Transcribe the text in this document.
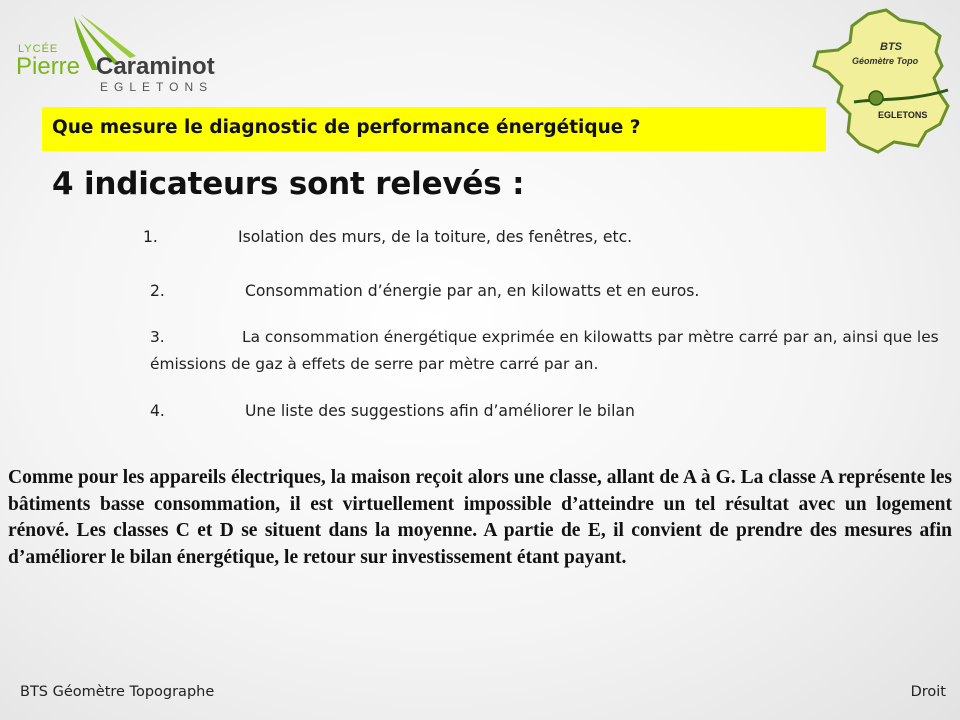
LYCÉE
Pierre Caraminot
EGLETONS
BTS
Géomètre Topo
EGLETONS
Que mesure le diagnostic de performance énergétique ?
4 indicateurs sont relevés :
1.	Isolation des murs, de la toiture, des fenêtres, etc.
2.	Consommation d’énergie par an, en kilowatts et en euros.
3.	La consommation énergétique exprimée en kilowatts par mètre carré par an, ainsi que les émissions de gaz à effets de serre par mètre carré par an.
4.	Une liste des suggestions afin d’améliorer le bilan
Comme pour les appareils électriques, la maison reçoit alors une classe, allant de A à G. La classe A représente les bâtiments basse consommation, il est virtuellement impossible d’atteindre un tel résultat avec un logement rénové. Les classes C et D se situent dans la moyenne. A partie de E, il convient de prendre des mesures afin d’améliorer le bilan énergétique, le retour sur investissement étant payant.
BTS Géomètre Topographe	Droit
